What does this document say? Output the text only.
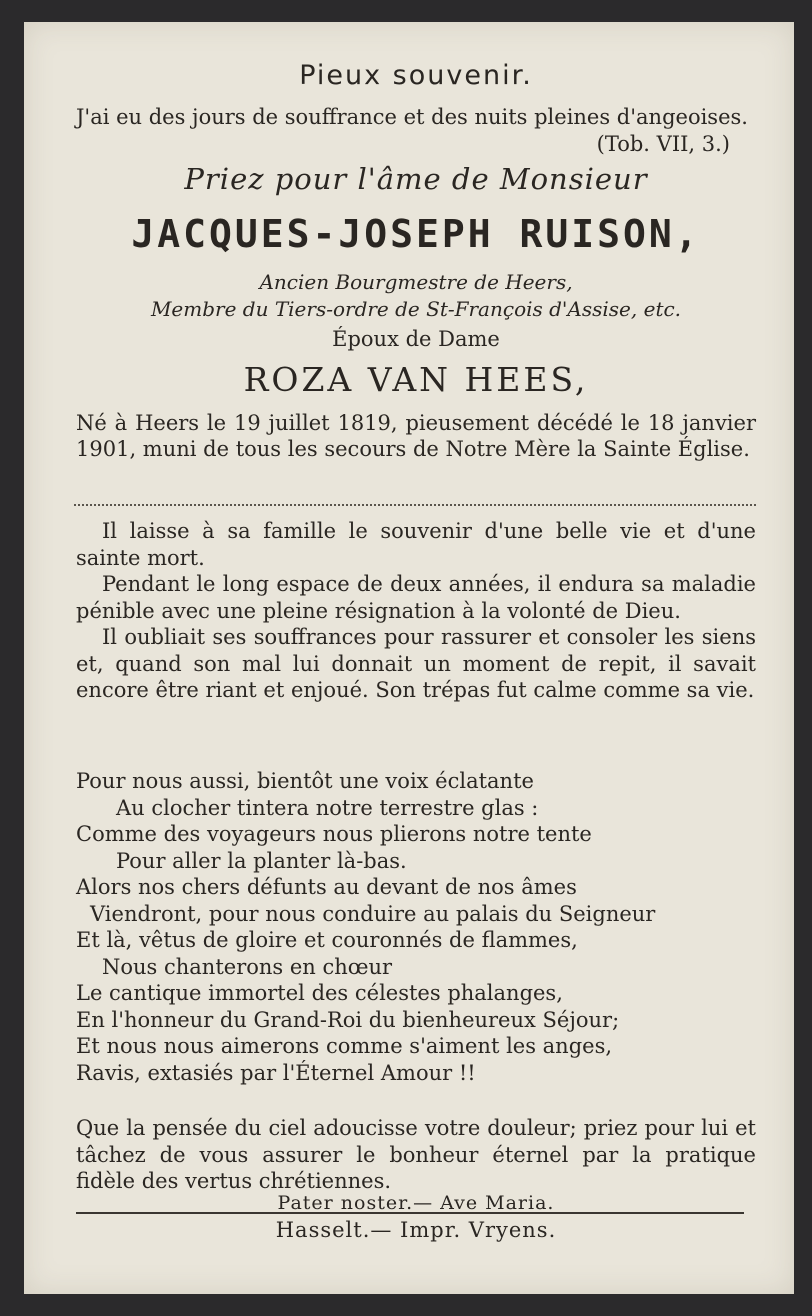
Pieux souvenir.
J'ai eu des jours de souffrance et des nuits pleines d'angeoises.
(Tob. VII, 3.)
Priez pour l'âme de Monsieur
JACQUES-JOSEPH RUISON,
Ancien Bourgmestre de Heers,
Membre du Tiers-ordre de St-François d'Assise, etc.
Époux de Dame
ROZA VAN HEES,
Né à Heers le 19 juillet 1819, pieusement décédé le 18 janvier 1901, muni de tous les secours de Notre Mère la Sainte Église.

Il laisse à sa famille le souvenir d'une belle vie et d'une sainte mort.

Pendant le long espace de deux années, il endura sa maladie pénible avec une pleine résignation à la volonté de Dieu.

Il oubliait ses souffrances pour rassurer et consoler les siens et, quand son mal lui donnait un moment de repit, il savait encore être riant et enjoué. Son trépas fut calme comme sa vie.

Pour nous aussi, bientôt une voix éclatante
Au clocher tintera notre terrestre glas :
Comme des voyageurs nous plierons notre tente
Pour aller la planter là-bas.
Alors nos chers défunts au devant de nos âmes
Viendront, pour nous conduire au palais du Seigneur
Et là, vêtus de gloire et couronnés de flammes,
Nous chanterons en chœur
Le cantique immortel des célestes phalanges,
En l'honneur du Grand-Roi du bienheureux Séjour;
Et nous nous aimerons comme s'aiment les anges,
Ravis, extasiés par l'Éternel Amour !!
Que la pensée du ciel adoucisse votre douleur; priez pour lui et tâchez de vous assurer le bonheur éternel par la pratique fidèle des vertus chrétiennes.
Pater noster.— Ave Maria.
Hasselt.— Impr. Vryens.
